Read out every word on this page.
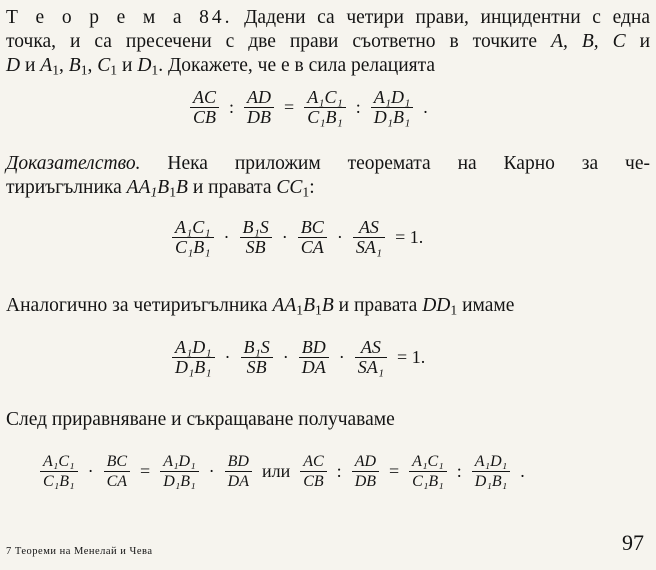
Т е о р е м а 84. Дадени са четири прави, инцидентни с една
точка, и са пресечени с две прави съответно в точките A, B, C и
D и $A_1$, $B_1$, $C_1$ и $D_1$. Докажете, че е в сила релацията
$\frac{AC}{CB}$ : $\frac{AD}{DB} = \frac{\text{A₁C₁}}{\text{C₁B₁}}$ : $\frac{\text{A₁D₁}}{\text{D₁B₁}}$ .
Доказателство. Нека приложим теоремата на Карно за че-
тириъгълника $AA_1B_1B$ и правата $CC_1$:
$\frac{\text{A₁C₁}}{\text{C₁B₁}} \cdot \frac{\text{B₁S}}{SB} \cdot \frac{BC}{CA} \cdot \frac{AS}{\text{SA₁}} = 1$.
Аналогично за четириъгълника $AA_1B_1B$ и правата $DD_1$ имаме
$\frac{\text{A₁D₁}}{\text{D₁B₁}} \cdot \frac{\text{B₁S}}{SB} \cdot \frac{BD}{DA} \cdot \frac{AS}{\text{SA₁}} = 1$.
След приравняване и съкращаване получаваме
$\frac{\text{A₁C₁}}{\text{C₁B₁}} \cdot \frac{BC}{CA} = \frac{\text{A₁D₁}}{\text{D₁B₁}} \cdot \frac{BD}{DA}$ или $\frac{AC}{CB}$ : $\frac{AD}{DB} = \frac{\text{A₁C₁}}{\text{C₁B₁}}$ : $\frac{\text{A₁D₁}}{\text{D₁B₁}}$ .
7 Теореми на Менелай и Чева	97
